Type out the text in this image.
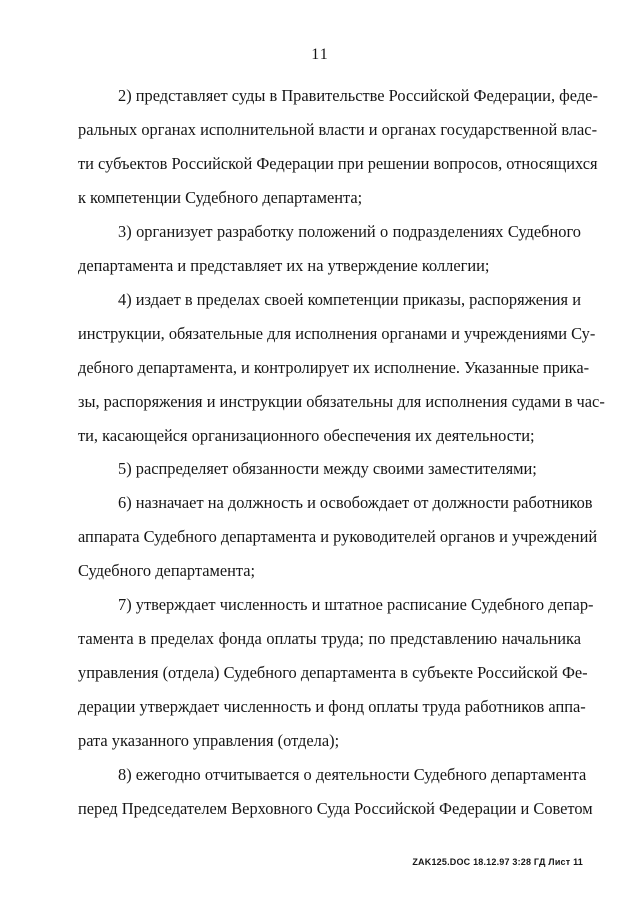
11
2) представляет суды в Правительстве Российской Федерации, феде-
ральных органах исполнительной власти и органах государственной влас-
ти субъектов Российской Федерации при решении вопросов, относящихся
к компетенции Судебного департамента;
3) организует разработку положений о подразделениях Судебного
департамента и представляет их на утверждение коллегии;
4) издает в пределах своей компетенции приказы, распоряжения и
инструкции, обязательные для исполнения органами и учреждениями Су-
дебного департамента, и контролирует их исполнение. Указанные прика-
зы, распоряжения и инструкции обязательны для исполнения судами в час-
ти, касающейся организационного обеспечения их деятельности;
5) распределяет обязанности между своими заместителями;
6) назначает на должность и освобождает от должности работников
аппарата Судебного департамента и руководителей органов и учреждений
Судебного департамента;
7) утверждает численность и штатное расписание Судебного депар-
тамента в пределах фонда оплаты труда; по представлению начальника
управления (отдела) Судебного департамента в субъекте Российской Фе-
дерации утверждает численность и фонд оплаты труда работников аппа-
рата указанного управления (отдела);
8) ежегодно отчитывается о деятельности Судебного департамента
перед Председателем Верховного Суда Российской Федерации и Советом
ZAK125.DOC 18.12.97 3:28 ГД Лист 11
